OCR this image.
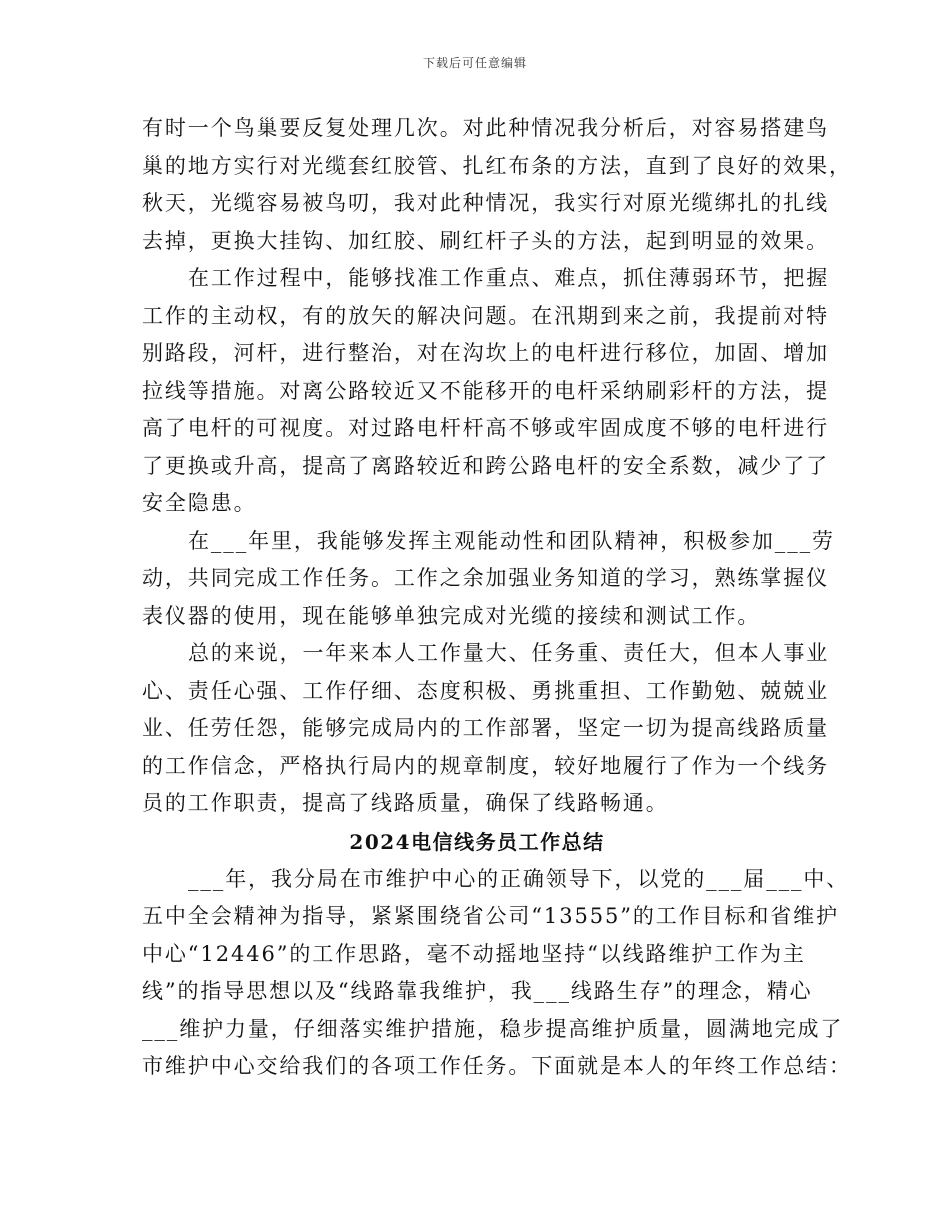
下载后可任意编辑

有时一个鸟巢要反复处理几次。对此种情况我分析后，对容易搭建鸟
巢的地方实行对光缆套红胶管、扎红布条的方法，直到了良好的效果，
秋天，光缆容易被鸟叨，我对此种情况，我实行对原光缆绑扎的扎线
去掉，更换大挂钩、加红胶、刷红杆子头的方法，起到明显的效果。

在工作过程中，能够找准工作重点、难点，抓住薄弱环节，把握
工作的主动权，有的放矢的解决问题。在汛期到来之前，我提前对特
别路段，河杆，进行整治，对在沟坎上的电杆进行移位，加固、增加
拉线等措施。对离公路较近又不能移开的电杆采纳刷彩杆的方法，提
高了电杆的可视度。对过路电杆杆高不够或牢固成度不够的电杆进行
了更换或升高，提高了离路较近和跨公路电杆的安全系数，减少了了
安全隐患。

在___年里，我能够发挥主观能动性和团队精神，积极参加___劳
动，共同完成工作任务。工作之余加强业务知道的学习，熟练掌握仪
表仪器的使用，现在能够单独完成对光缆的接续和测试工作。

总的来说，一年来本人工作量大、任务重、责任大，但本人事业
心、责任心强、工作仔细、态度积极、勇挑重担、工作勤勉、兢兢业
业、任劳任怨，能够完成局内的工作部署，坚定一切为提高线路质量
的工作信念，严格执行局内的规章制度，较好地履行了作为一个线务
员的工作职责，提高了线路质量，确保了线路畅通。

2024电信线务员工作总结

___年，我分局在市维护中心的正确领导下，以党的___届___中、
五中全会精神为指导，紧紧围绕省公司“13555”的工作目标和省维护
中心“12446”的工作思路，毫不动摇地坚持“以线路维护工作为主
线”的指导思想以及“线路靠我维护，我___线路生存”的理念，精心
___维护力量，仔细落实维护措施，稳步提高维护质量，圆满地完成了
市维护中心交给我们的各项工作任务。下面就是本人的年终工作总结：
